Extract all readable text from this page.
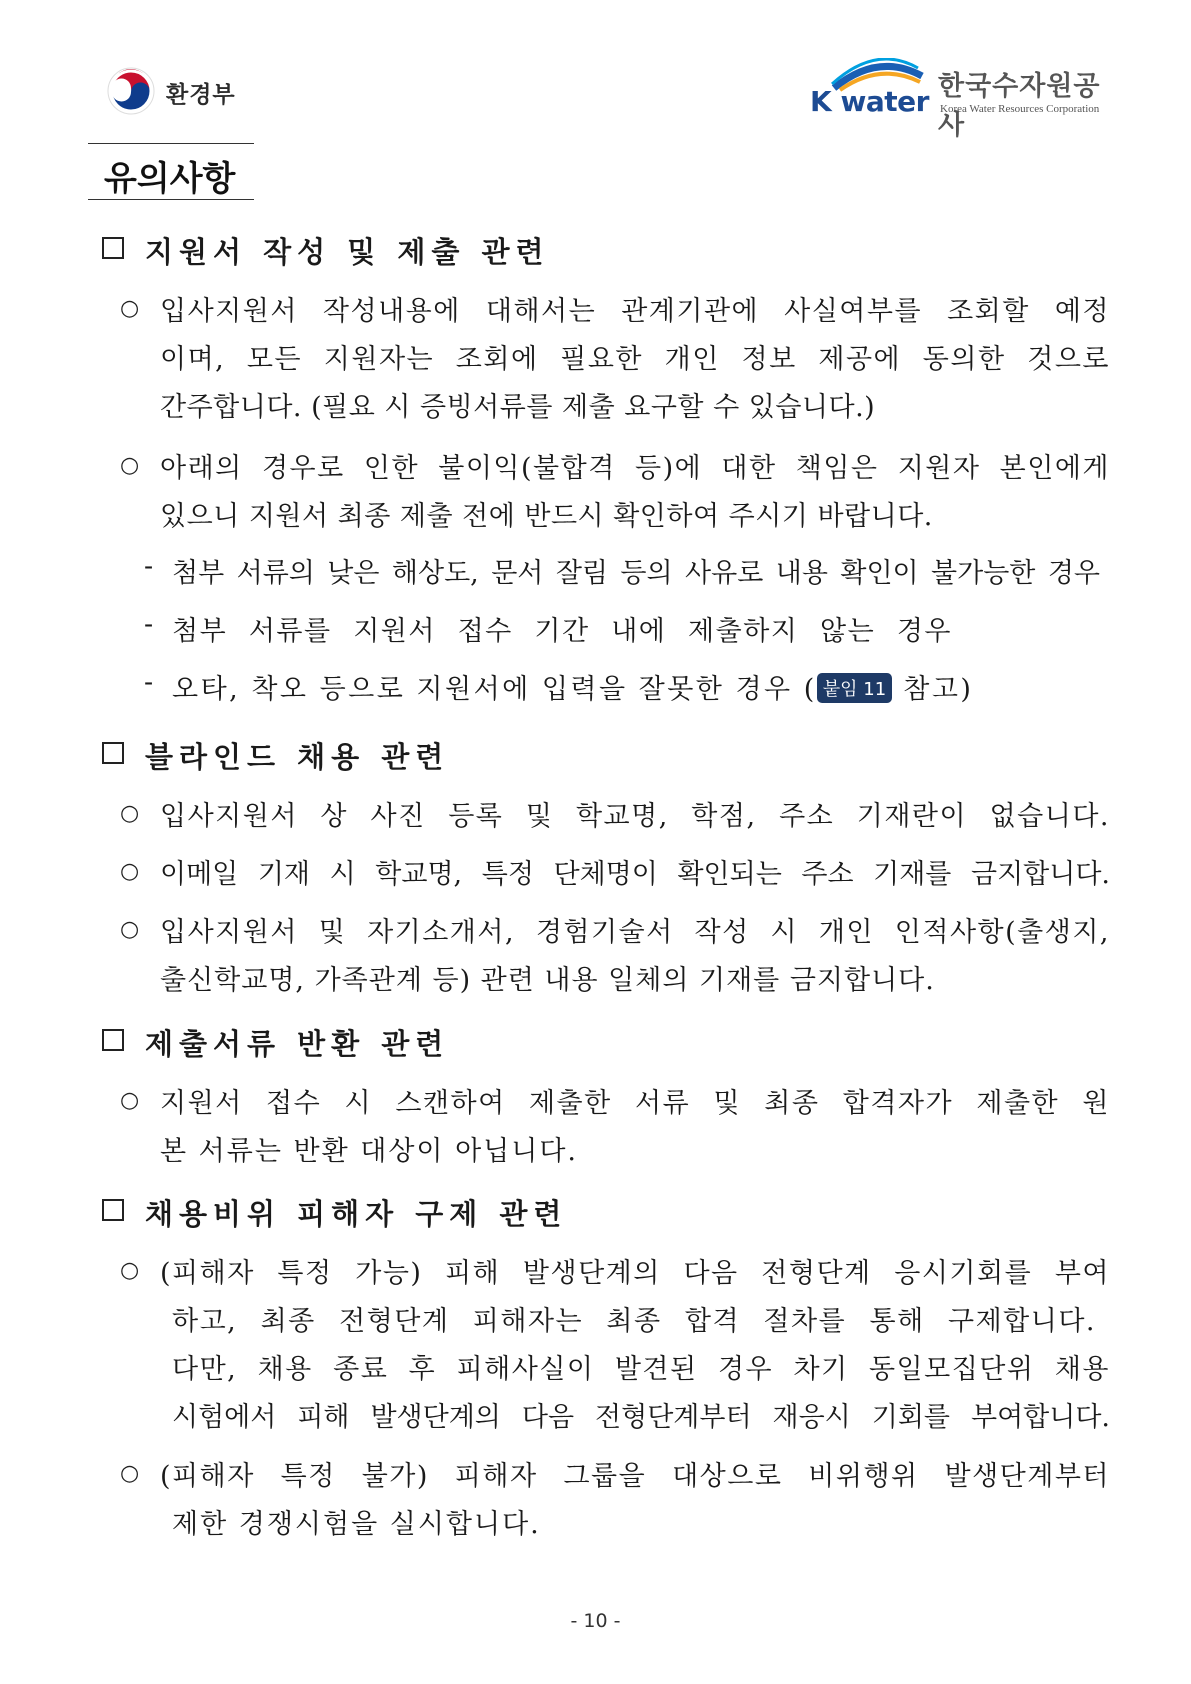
환경부	K water 한국수자원공사
Korea Water Resources Corporation
유의사항
지원서 작성 및 제출 관련
○ 입사지원서 작성내용에 대해서는 관계기관에 사실여부를 조회할 예정
이며, 모든 지원자는 조회에 필요한 개인 정보 제공에 동의한 것으로
간주합니다. (필요 시 증빙서류를 제출 요구할 수 있습니다.)
○ 아래의 경우로 인한 불이익(불합격 등)에 대한 책임은 지원자 본인에게
있으니 지원서 최종 제출 전에 반드시 확인하여 주시기 바랍니다.
- 첨부 서류의 낮은 해상도, 문서 잘림 등의 사유로 내용 확인이 불가능한 경우
- 첨부 서류를 지원서 접수 기간 내에 제출하지 않는 경우
- 오타, 착오 등으로 지원서에 입력을 잘못한 경우 ( 붙임 11 참고)
블라인드 채용 관련
○ 입사지원서 상 사진 등록 및 학교명, 학점, 주소 기재란이 없습니다.
○ 이메일 기재 시 학교명, 특정 단체명이 확인되는 주소 기재를 금지합니다.
○ 입사지원서 및 자기소개서, 경험기술서 작성 시 개인 인적사항(출생지,
출신학교명, 가족관계 등) 관련 내용 일체의 기재를 금지합니다.
제출서류 반환 관련
○ 지원서 접수 시 스캔하여 제출한 서류 및 최종 합격자가 제출한 원
본 서류는 반환 대상이 아닙니다.
채용비위 피해자 구제 관련
○ (피해자 특정 가능) 피해 발생단계의 다음 전형단계 응시기회를 부여
하고, 최종 전형단계 피해자는 최종 합격 절차를 통해 구제합니다.
다만, 채용 종료 후 피해사실이 발견된 경우 차기 동일모집단위 채용
시험에서 피해 발생단계의 다음 전형단계부터 재응시 기회를 부여합니다.
○ (피해자 특정 불가) 피해자 그룹을 대상으로 비위행위 발생단계부터
제한 경쟁시험을 실시합니다.
- 10 -
